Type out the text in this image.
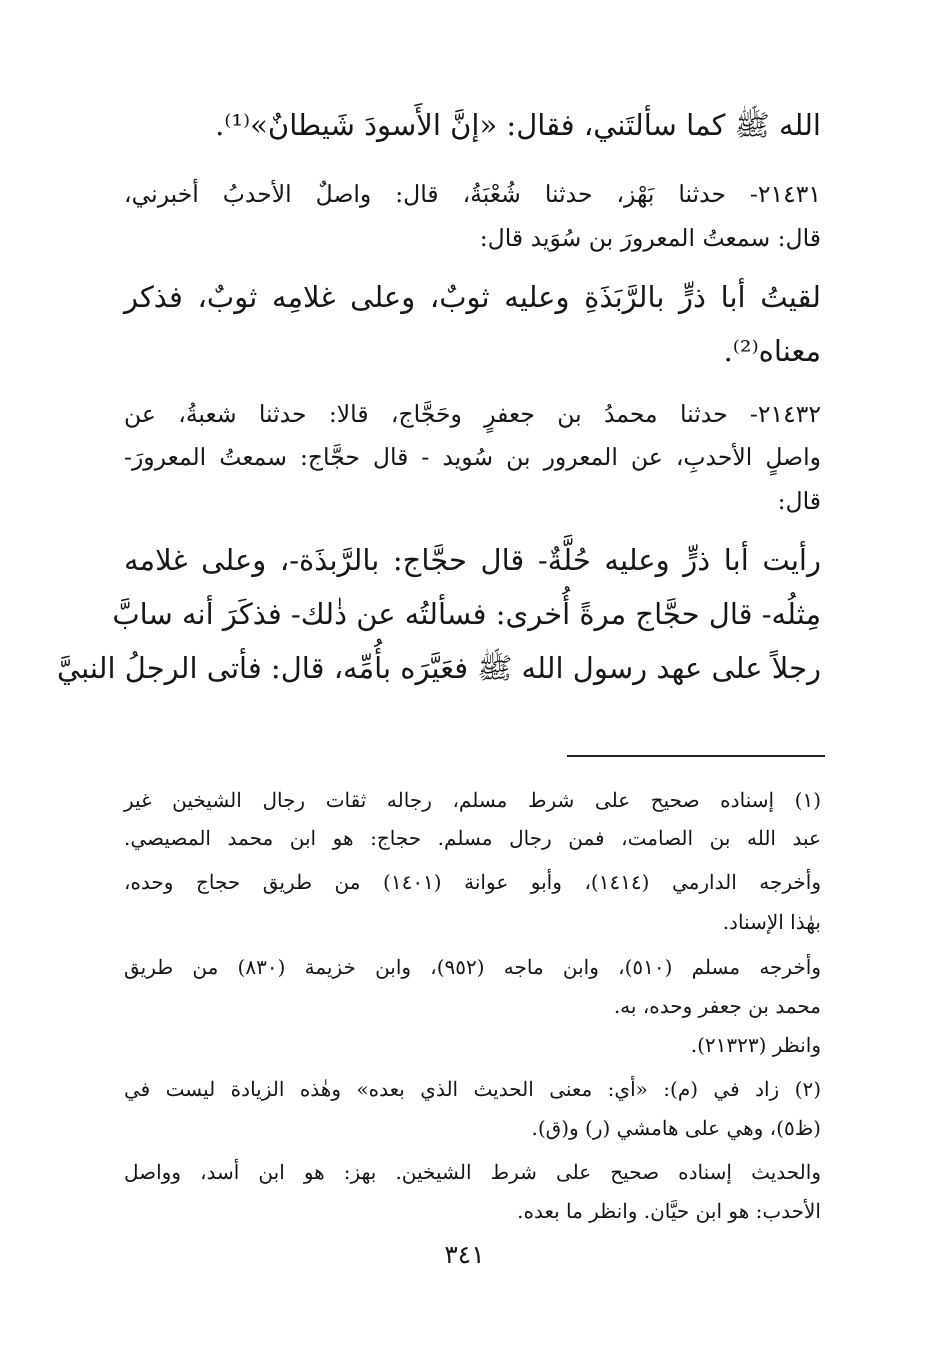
الله ﷺ كما سألتَني، فقال: «إنَّ الأَسودَ شَيطانٌ»⁽¹⁾.
٢١٤٣١- حدثنا بَهْز، حدثنا شُعْبَةُ، قال: واصلٌ الأحدبُ أخبرني،
قال: سمعتُ المعرورَ بن سُوَيد قال:
لقيتُ أبا ذرٍّ بالرَّبَذَةِ وعليه ثوبٌ، وعلى غلامِه ثوبٌ، فذكر
معناه⁽²⁾.
٢١٤٣٢- حدثنا محمدُ بن جعفرٍ وحَجَّاج، قالا: حدثنا شعبةُ، عن
واصلٍ الأحدبِ، عن المعرور بن سُويد - قال حجَّاج: سمعتُ المعرورَ-
قال:
رأيت أبا ذرٍّ وعليه حُلَّةٌ- قال حجَّاج: بالرَّبذَة-، وعلى غلامه
مِثلُه- قال حجَّاج مرةً أُخرى: فسألتُه عن ذٰلك- فذكَرَ أنه سابَّ
رجلاً على عهد رسول الله ﷺ فعَيَّرَه بأُمِّه، قال: فأتى الرجلُ النبيَّ
(١) إسناده صحيح على شرط مسلم، رجاله ثقات رجال الشيخين غير
عبد الله بن الصامت، فمن رجال مسلم. حجاج: هو ابن محمد المصيصي.
وأخرجه الدارمي (١٤١٤)، وأبو عوانة (١٤٠١) من طريق حجاج وحده،
بهٰذا الإسناد.
وأخرجه مسلم (٥١٠)، وابن ماجه (٩٥٢)، وابن خزيمة (٨٣٠) من طريق
محمد بن جعفر وحده، به.
وانظر (٢١٣٢٣).
(٢) زاد في (م): «أي: معنى الحديث الذي بعده» وهٰذه الزيادة ليست في
(ظ٥)، وهي على هامشي (ر) و(ق).
والحديث إسناده صحيح على شرط الشيخين. بهز: هو ابن أسد، وواصل
الأحدب: هو ابن حيَّان. وانظر ما بعده.
٣٤١
